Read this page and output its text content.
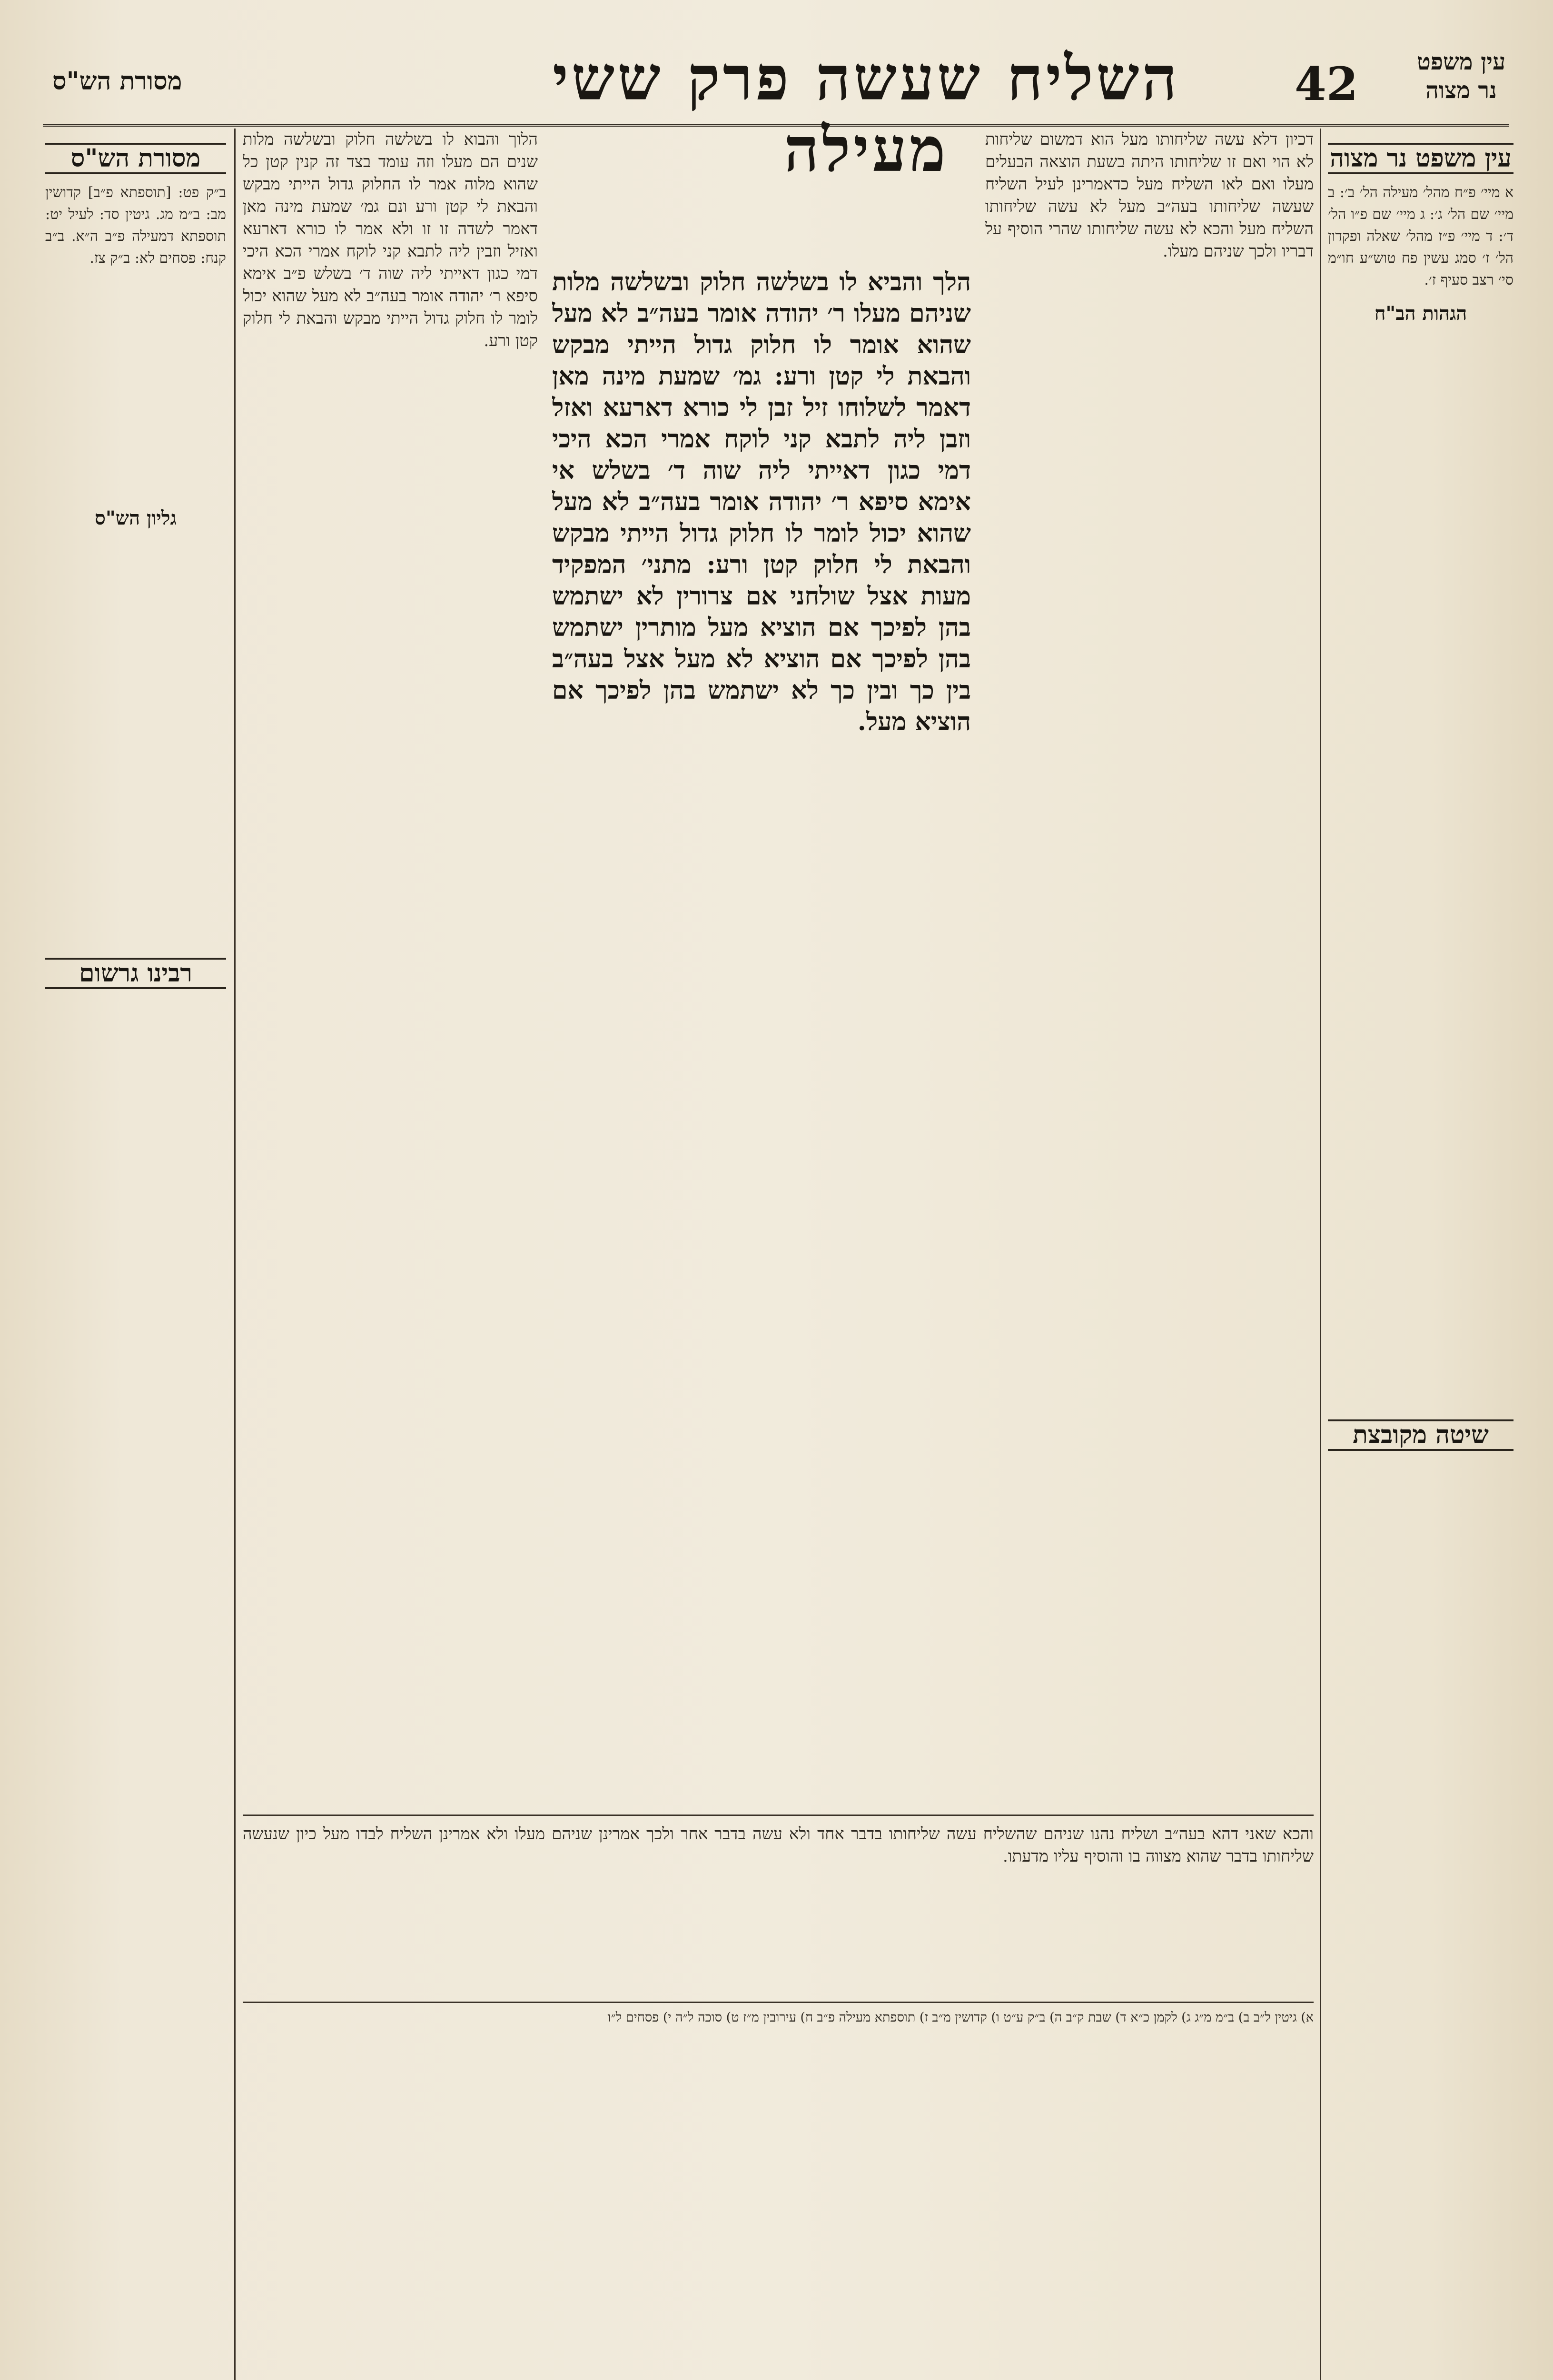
מסורת הש"ס	השליח שעשה פרק ששי מעילה
42	עין משפט נר מצוה
עין משפט נר מצוה
א מיי׳ פ״ח מהל׳ מעילה הל׳ ב׳: ב מיי׳ שם הל׳ ג׳: ג מיי׳ שם פ״ו הל׳ ד׳: ד מיי׳ פ״ז מהל׳ שאלה ופקדון הל׳ ז׳ סמג עשין פח טוש״ע חו״מ סי׳ רצב סעיף ז׳.
הגהות הב"ח
שיטה מקובצת
מסורת הש"ס
ב״ק פט: [תוספתא פ״ב] קדושין מב: ב״מ מג. גיטין סד: לעיל יט: תוספתא דמעילה פ״ב ה״א. ב״ב קנח: פסחים לא: ב״ק צז.
גליון הש"ס
רבינו גרשום
דכיון דלא עשה שליחותו מעל הוא דמשום שליחות לא הוי ואם זו שליחותו היתה בשעת הוצאה הבעלים מעלו ואם לאו השליח מעל כדאמרינן לעיל השליח שעשה שליחותו בעה״ב מעל לא עשה שליחותו השליח מעל והכא לא עשה שליחותו שהרי הוסיף על דבריו ולכך שניהם מעלו.
הלוך והבוא לו בשלשה חלוק ובשלשה מלות שנים הם מעלו וזה עומד בצד זה קנין קטן כל שהוא מלוה אמר לו החלוק גדול הייתי מבקש והבאת לי קטן ורע ונם גמ׳ שמעת מינה מאן דאמר לשדה זו זו ולא אמר לו כורא דארעא ואזיל וזבין ליה לתבא קני לוקח אמרי הכא היכי דמי כגון דאייתי ליה שוה ד׳ בשלש פ״ב אימא סיפא ר׳ יהודה אומר בעה״ב לא מעל שהוא יכול לומר לו חלוק גדול הייתי מבקש והבאת לי חלוק קטן ורע.
הלך והביא לו בשלשה חלוק ובשלשה מלות שניהם מעלו ר׳ יהודה אומר בעה״ב לא מעל שהוא אומר לו חלוק גדול הייתי מבקש והבאת לי קטן ורע: גמ׳ שמעת מינה מאן דאמר לשלוחו זיל זבן לי כורא דארעא ואזל וזבן ליה לתבא קני לוקח אמרי הכא היכי דמי כגון דאייתי ליה שוה ד׳ בשלש אי אימא סיפא ר׳ יהודה אומר בעה״ב לא מעל שהוא יכול לומר לו חלוק גדול הייתי מבקש והבאת לי חלוק קטן ורע: מתני׳ המפקיד מעות אצל שולחני אם צרורין לא ישתמש בהן לפיכך אם הוציא מעל מותרין ישתמש בהן לפיכך אם הוציא לא מעל אצל בעה״ב בין כך ובין כך לא ישתמש בהן לפיכך אם הוציא מעל.
והכא שאני דהא בעה״ב ושליח נהנו שניהם שהשליח עשה שליחותו בדבר אחד ולא עשה בדבר אחר ולכך אמרינן שניהם מעלו ולא אמרינן השליח לבדו מעל כיון שנעשה שליחותו בדבר שהוא מצווה בו והוסיף עליו מדעתו.
א) גיטין ל״ב ב) ב״מ מ״ג ג) לקמן כ״א ד) שבת ק״ב ה) ב״ק ע״ט ו) קדושין מ״ב ז) תוספתא מעילה פ״ב ח) עירובין מ״ז ט) סוכה ל״ה י) פסחים ל״ו
